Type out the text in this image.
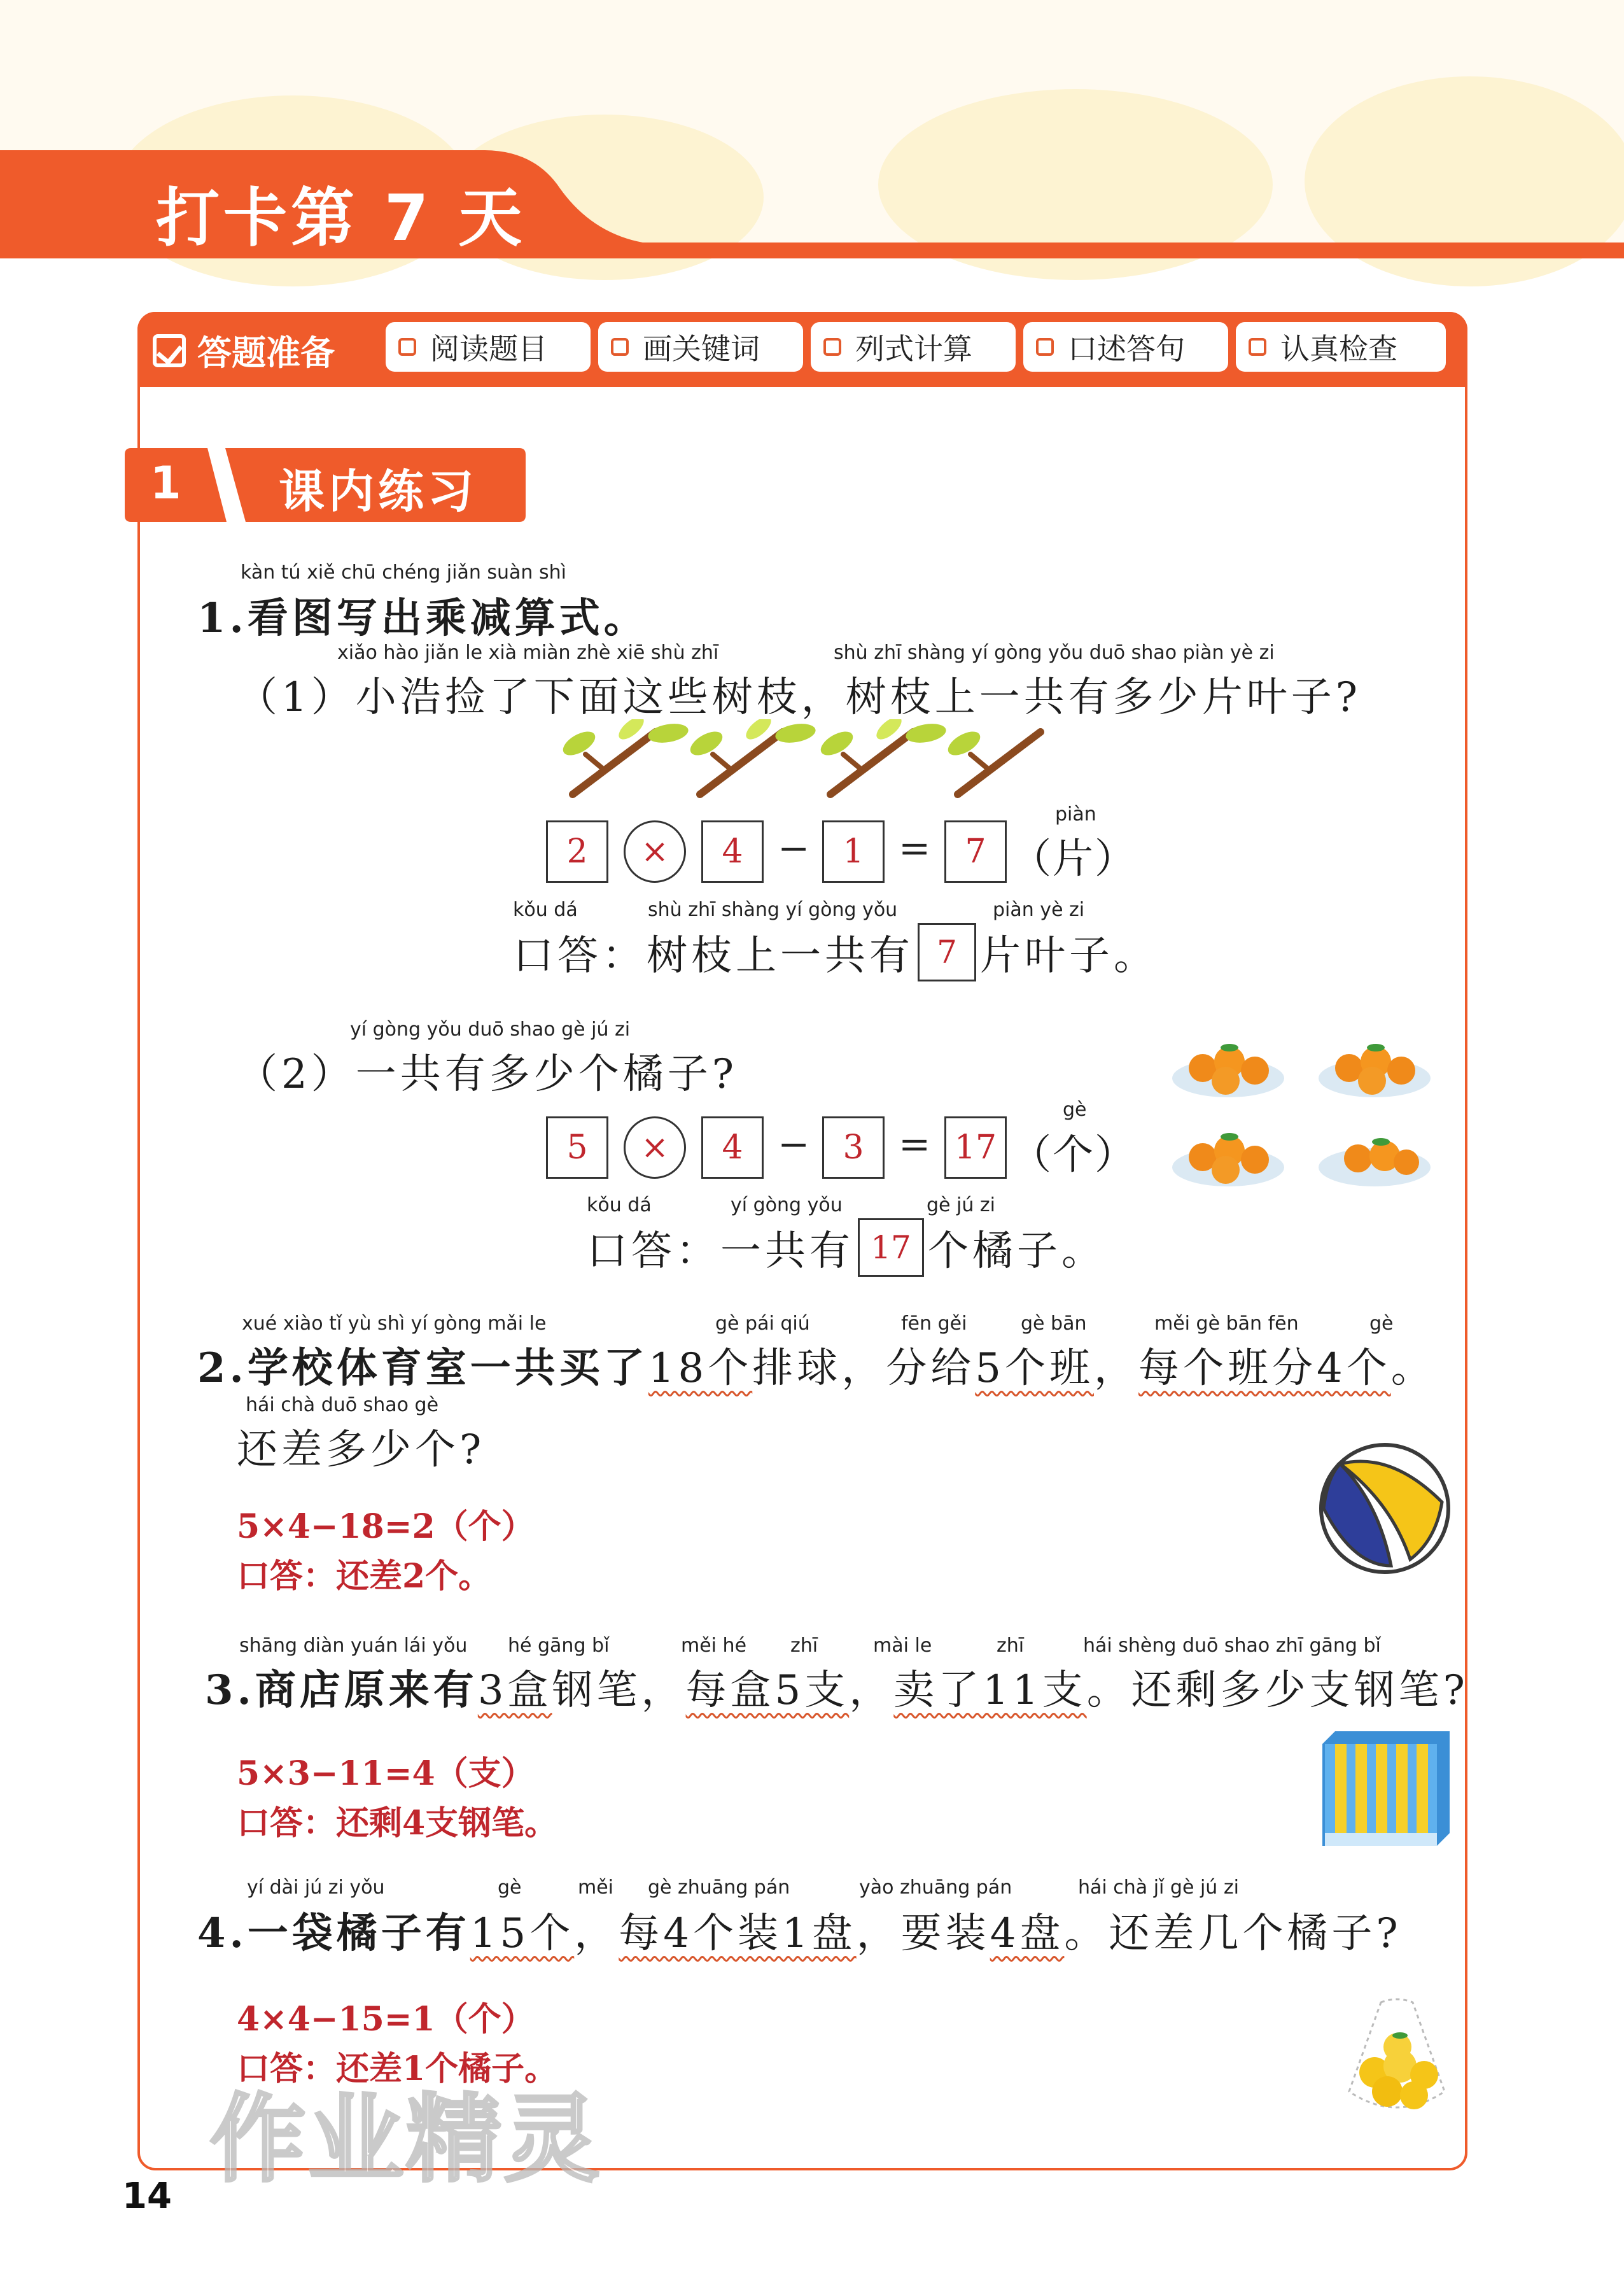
打卡第 7 天
答题准备	阅读题目	画关键词	列式计算	口述答句	认真检查
1 课内练习
kàn tú xiě chū chéng jiǎn suàn shì
1.看图写出乘减算式。
xiǎo hào jiǎn le xià miàn zhè xiē shù zhī	shù zhī shàng yí gòng yǒu duō shao piàn yè zi
（1）小浩捡了下面这些树枝，树枝上一共有多少片叶子?
2	×	4 −	1 =	7
piàn
（片）
kǒu dá	shù zhī shàng yí gòng yǒu	piàn yè zi
口答：树枝上一共有 7 片叶子。
yí gòng yǒu duō shao gè jú zi
（2）一共有多少个橘子?
5	×	4 −	3 = 17
gè
（个）
kǒu dá	yí gòng yǒu	gè jú zi
口答：一共有 17 个橘子。
xué xiào tǐ yù shì yí gòng mǎi le	gè pái qiú	fēn gěi	gè bān	měi gè bān fēn	gè
2.学校体育室一共买了18个排球，分给5个班，每个班分4个。
hái chà duō shao gè
还差多少个?
5×4−18=2（个）
口答：还差2个。
shāng diàn yuán lái yǒu hé gāng bǐ	měi hé zhī	mài le	zhī	hái shèng duō shao zhī gāng bǐ
3.商店原来有3盒钢笔，每盒5支，卖了11支。还剩多少支钢笔?
5×3−11=4（支）
口答：还剩4支钢笔。
yí dài jú zi yǒu	gè	měi gè zhuāng pán	yào zhuāng pán	hái chà jǐ gè jú zi
4.一袋橘子有15个，每4个装1盘，要装4盘。还差几个橘子?
4×4−15=1（个）
口答：还差1个橘子。
作业精灵
14
